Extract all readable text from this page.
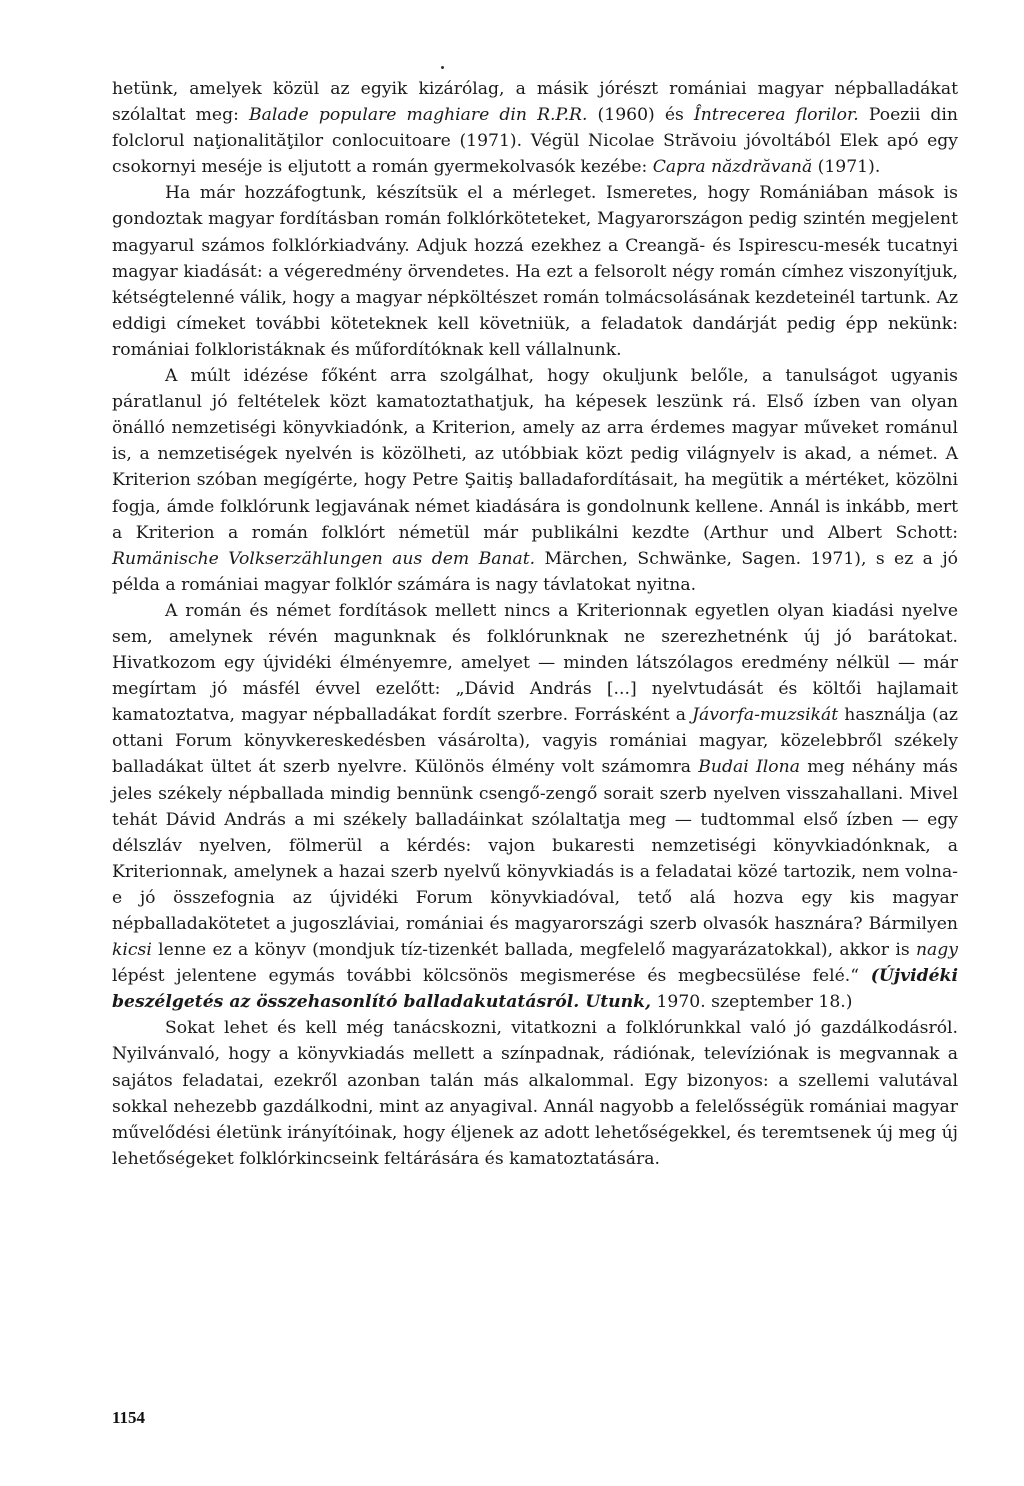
hetünk, amelyek közül az egyik kizárólag, a másik jórészt romániai magyar népballadákat szólaltat meg: Balade populare maghiare din R.P.R. (1960) és Întrecerea florilor. Poezii din folclorul naţionalităţilor conlocuitoare (1971). Végül Nicolae Străvoiu jóvoltából Elek apó egy csokornyi meséje is eljutott a román gyermekolvasók kezébe: Capra năzdrăvană (1971).

Ha már hozzáfogtunk, készítsük el a mérleget. Ismeretes, hogy Romániában mások is gondoztak magyar fordításban román folklórköteteket, Magyarországon pedig szintén megjelent magyarul számos folklórkiadvány. Adjuk hozzá ezekhez a Creangă- és Ispirescu-mesék tucatnyi magyar kiadását: a végeredmény örvendetes. Ha ezt a felsorolt négy román címhez viszonyítjuk, kétségtelenné válik, hogy a magyar népköltészet román tolmácsolásának kezdeteinél tartunk. Az eddigi címeket további köteteknek kell követniük, a feladatok dandárját pedig épp nekünk: romániai folkloristáknak és műfordítóknak kell vállalnunk.

A múlt idézése főként arra szolgálhat, hogy okuljunk belőle, a tanulságot ugyanis páratlanul jó feltételek közt kamatoztathatjuk, ha képesek leszünk rá. Első ízben van olyan önálló nemzetiségi könyvkiadónk, a Kriterion, amely az arra érdemes magyar műveket románul is, a nemzetiségek nyelvén is közölheti, az utóbbiak közt pedig világnyelv is akad, a német. A Kriterion szóban megígérte, hogy Petre Şaitiş balladafordításait, ha megütik a mértéket, közölni fogja, ámde folklórunk legjavának német kiadására is gondolnunk kellene. Annál is inkább, mert a Kriterion a román folklórt németül már publikálni kezdte (Arthur und Albert Schott: Rumänische Volkserzählungen aus dem Banat. Märchen, Schwänke, Sagen. 1971), s ez a jó példa a romániai magyar folklór számára is nagy távlatokat nyitna.

A román és német fordítások mellett nincs a Kriterionnak egyetlen olyan kiadási nyelve sem, amelynek révén magunknak és folklórunknak ne szerezhetnénk új jó barátokat. Hivatkozom egy újvidéki élményemre, amelyet — minden látszólagos eredmény nélkül — már megírtam jó másfél évvel ezelőtt: „Dávid András [...] nyelvtudását és költői hajlamait kamatoztatva, magyar népballadákat fordít szerbre. Forrásként a Jávorfa-muzsikát használja (az ottani Forum könyvkereskedésben vásárolta), vagyis romániai magyar, közelebbről székely balladákat ültet át szerb nyelvre. Különös élmény volt számomra Budai Ilona meg néhány más jeles székely népballada mindig bennünk csengő-zengő sorait szerb nyelven visszahallani. Mivel tehát Dávid András a mi székely balladáinkat szólaltatja meg — tudtommal első ízben — egy délszláv nyelven, fölmerül a kérdés: vajon bukaresti nemzetiségi könyvkiadónknak, a Kriterionnak, amelynek a hazai szerb nyelvű könyvkiadás is a feladatai közé tartozik, nem volna-e jó összefognia az újvidéki Forum könyvkiadóval, tető alá hozva egy kis magyar népballadakötetet a jugoszláviai, romániai és magyarországi szerb olvasók hasznára? Bármilyen kicsi lenne ez a könyv (mondjuk tíz-tizenkét ballada, megfelelő magyarázatokkal), akkor is nagy lépést jelentene egymás további kölcsönös megismerése és megbecsülése felé.“ (Újvidéki beszélgetés az összehasonlító balladakutatásról. Utunk, 1970. szeptember 18.)

Sokat lehet és kell még tanácskozni, vitatkozni a folklórunkkal való jó gazdálkodásról. Nyilvánvaló, hogy a könyvkiadás mellett a színpadnak, rádiónak, televíziónak is megvannak a sajátos feladatai, ezekről azonban talán más alkalommal. Egy bizonyos: a szellemi valutával sokkal nehezebb gazdálkodni, mint az anyagival. Annál nagyobb a felelősségük romániai magyar művelődési életünk irányítóinak, hogy éljenek az adott lehetőségekkel, és teremtsenek új meg új lehetőségeket folklórkincseink feltárására és kamatoztatására.

1154
